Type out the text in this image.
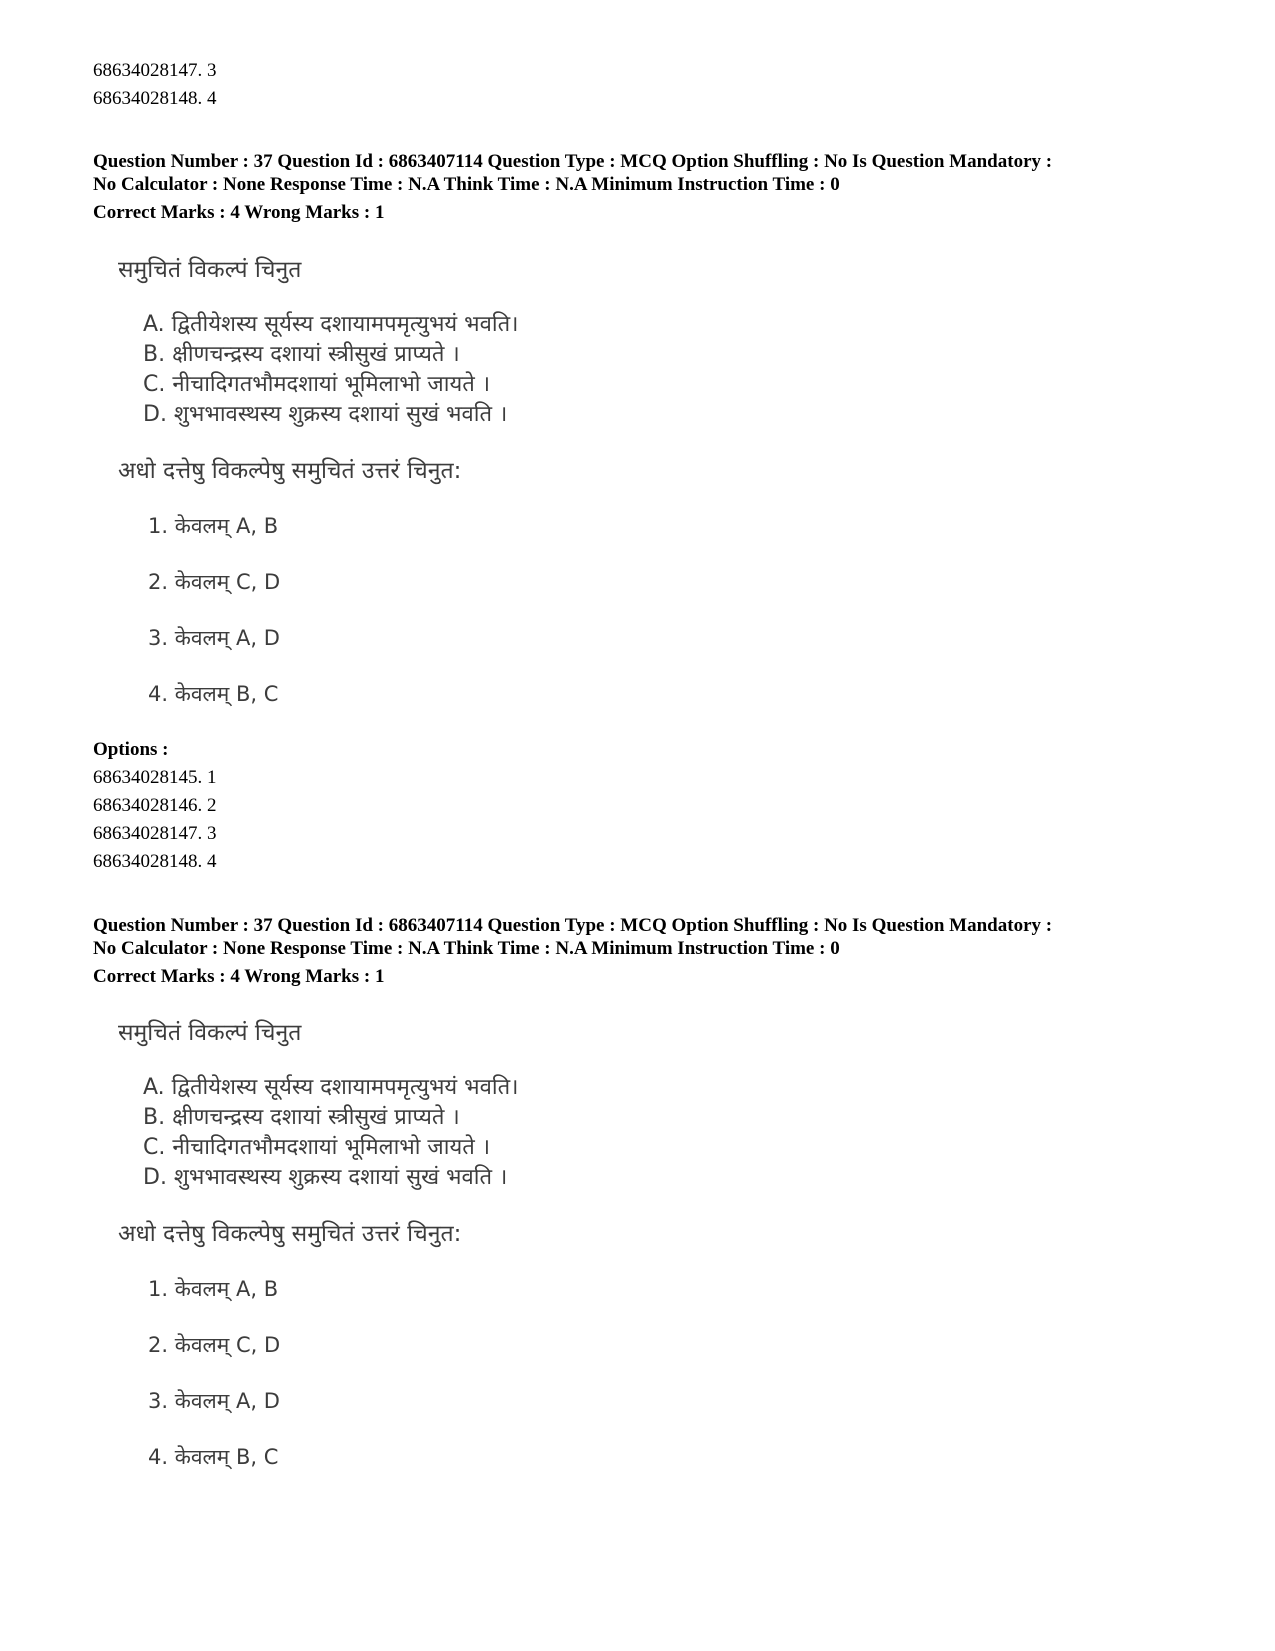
68634028147. 3
68634028148. 4
Question Number : 37 Question Id : 6863407114 Question Type : MCQ Option Shuffling : No Is Question Mandatory :
No Calculator : None Response Time : N.A Think Time : N.A Minimum Instruction Time : 0
Correct Marks : 4 Wrong Marks : 1
समुचितं विकल्पं चिनुत
A. द्वितीयेशस्य सूर्यस्य दशायामपमृत्युभयं भवति।
B. क्षीणचन्द्रस्य दशायां स्त्रीसुखं प्राप्यते ।
C. नीचादिगतभौमदशायां भूमिलाभो जायते ।
D. शुभभावस्थस्य शुक्रस्य दशायां सुखं भवति ।
अधो दत्तेषु विकल्पेषु समुचितं उत्तरं चिनुत:
1. केवलम् A, B
2. केवलम् C, D
3. केवलम् A, D
4. केवलम् B, C
Options :
68634028145. 1
68634028146. 2
68634028147. 3
68634028148. 4
Question Number : 37 Question Id : 6863407114 Question Type : MCQ Option Shuffling : No Is Question Mandatory :
No Calculator : None Response Time : N.A Think Time : N.A Minimum Instruction Time : 0
Correct Marks : 4 Wrong Marks : 1
समुचितं विकल्पं चिनुत
A. द्वितीयेशस्य सूर्यस्य दशायामपमृत्युभयं भवति।
B. क्षीणचन्द्रस्य दशायां स्त्रीसुखं प्राप्यते ।
C. नीचादिगतभौमदशायां भूमिलाभो जायते ।
D. शुभभावस्थस्य शुक्रस्य दशायां सुखं भवति ।
अधो दत्तेषु विकल्पेषु समुचितं उत्तरं चिनुत:
1. केवलम् A, B
2. केवलम् C, D
3. केवलम् A, D
4. केवलम् B, C
